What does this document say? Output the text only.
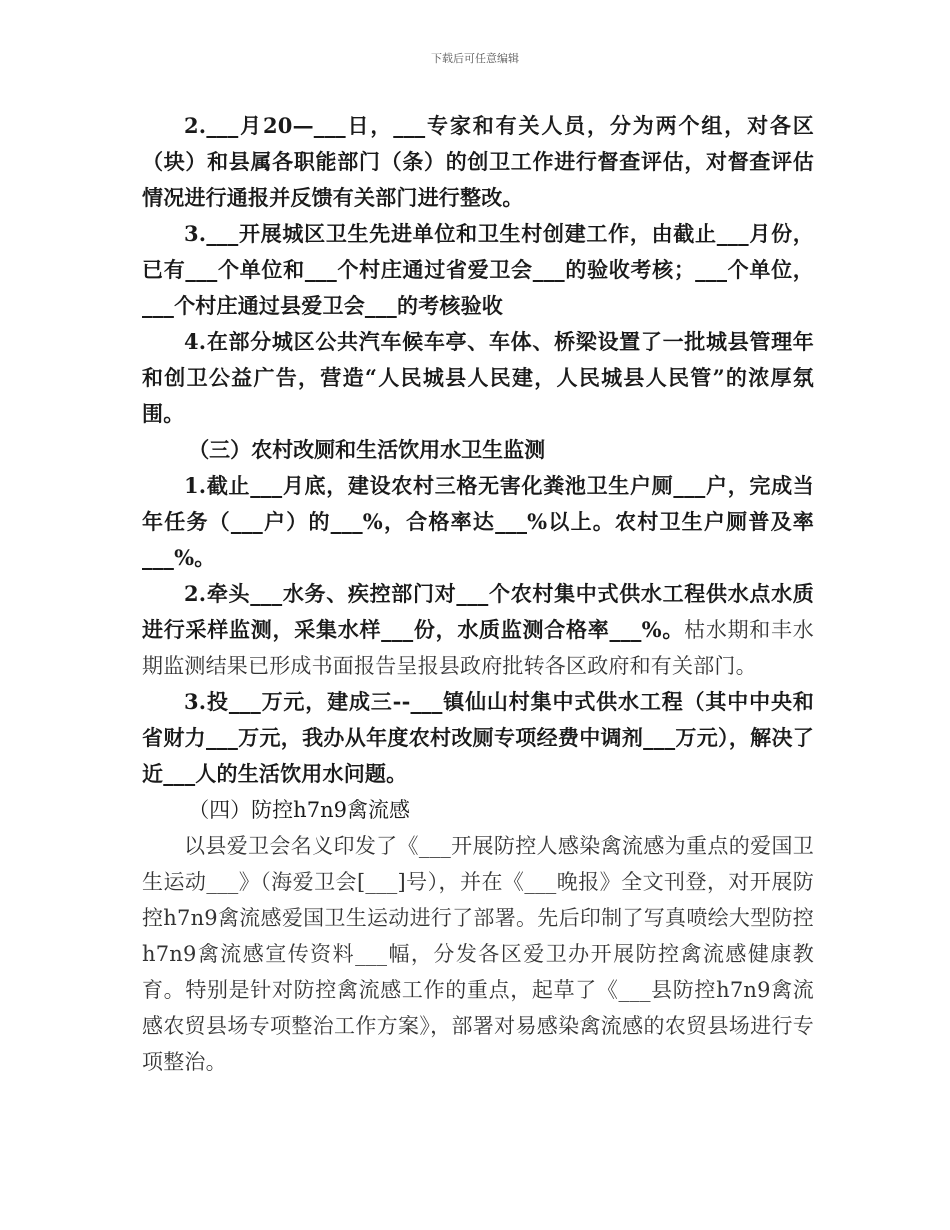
下载后可任意编辑

2.___月20—___日，___专家和有关人员，分为两个组，对各区（块）和县属各职能部门（条）的创卫工作进行督查评估，对督查评估情况进行通报并反馈有关部门进行整改。

3.___开展城区卫生先进单位和卫生村创建工作，由截止___月份，已有___个单位和___个村庄通过省爱卫会___的验收考核；___个单位，___个村庄通过县爱卫会___的考核验收

4.在部分城区公共汽车候车亭、车体、桥梁设置了一批城县管理年和创卫公益广告，营造“人民城县人民建，人民城县人民管”的浓厚氛围。

（三）农村改厕和生活饮用水卫生监测

1.截止___月底，建设农村三格无害化粪池卫生户厕___户，完成当年任务（___户）的___%，合格率达___%以上。农村卫生户厕普及率___%。

2.牵头___水务、疾控部门对___个农村集中式供水工程供水点水质进行采样监测，采集水样___份，水质监测合格率___%。枯水期和丰水期监测结果已形成书面报告呈报县政府批转各区政府和有关部门。

3.投___万元，建成三--___镇仙山村集中式供水工程（其中中央和省财力___万元，我办从年度农村改厕专项经费中调剂___万元），解决了近___人的生活饮用水问题。

（四）防控h7n9禽流感

以县爱卫会名义印发了《___开展防控人感染禽流感为重点的爱国卫生运动___》（海爱卫会[___]号），并在《___晚报》全文刊登，对开展防控h7n9禽流感爱国卫生运动进行了部署。先后印制了写真喷绘大型防控h7n9禽流感宣传资料___幅，分发各区爱卫办开展防控禽流感健康教育。特别是针对防控禽流感工作的重点，起草了《___县防控h7n9禽流感农贸县场专项整治工作方案》，部署对易感染禽流感的农贸县场进行专项整治。
